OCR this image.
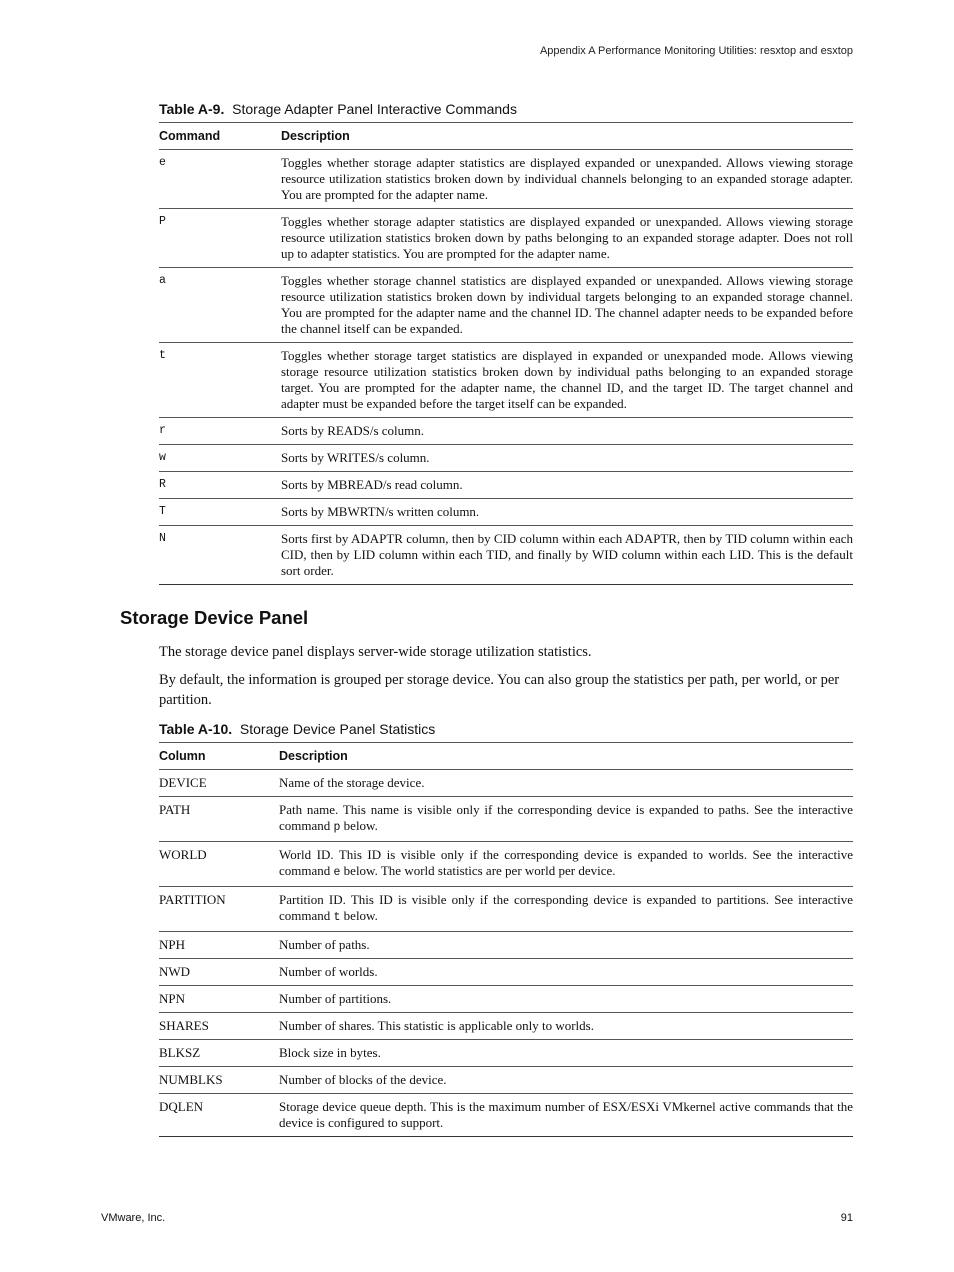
Appendix A Performance Monitoring Utilities: resxtop and esxtop
Table A-9. Storage Adapter Panel Interactive Commands
Command	Description
e	Toggles whether storage adapter statistics are displayed expanded or unexpanded. Allows viewing storage resource utilization statistics broken down by individual channels belonging to an expanded storage adapter. You are prompted for the adapter name.
P	Toggles whether storage adapter statistics are displayed expanded or unexpanded. Allows viewing storage resource utilization statistics broken down by paths belonging to an expanded storage adapter. Does not roll up to adapter statistics. You are prompted for the adapter name.
a	Toggles whether storage channel statistics are displayed expanded or unexpanded. Allows viewing storage resource utilization statistics broken down by individual targets belonging to an expanded storage channel. You are prompted for the adapter name and the channel ID. The channel adapter needs to be expanded before the channel itself can be expanded.
t	Toggles whether storage target statistics are displayed in expanded or unexpanded mode. Allows viewing storage resource utilization statistics broken down by individual paths belonging to an expanded storage target. You are prompted for the adapter name, the channel ID, and the target ID. The target channel and adapter must be expanded before the target itself can be expanded.
r	Sorts by READS/s column.
w	Sorts by WRITES/s column.
R	Sorts by MBREAD/s read column.
T	Sorts by MBWRTN/s written column.
N	Sorts first by ADAPTR column, then by CID column within each ADAPTR, then by TID column within each CID, then by LID column within each TID, and finally by WID column within each LID. This is the default sort order.
Storage Device Panel
The storage device panel displays server-wide storage utilization statistics.
By default, the information is grouped per storage device. You can also group the statistics per path, per world, or per partition.
Table A-10. Storage Device Panel Statistics
Column	Description
DEVICE	Name of the storage device.
PATH	Path name. This name is visible only if the corresponding device is expanded to paths. See the interactive command p below.
WORLD	World ID. This ID is visible only if the corresponding device is expanded to worlds. See the interactive command e below. The world statistics are per world per device.
PARTITION	Partition ID. This ID is visible only if the corresponding device is expanded to partitions. See interactive command t below.
NPH	Number of paths.
NWD	Number of worlds.
NPN	Number of partitions.
SHARES	Number of shares. This statistic is applicable only to worlds.
BLKSZ	Block size in bytes.
NUMBLKS	Number of blocks of the device.
DQLEN	Storage device queue depth. This is the maximum number of ESX/ESXi VMkernel active commands that the device is configured to support.
VMware, Inc.	91
